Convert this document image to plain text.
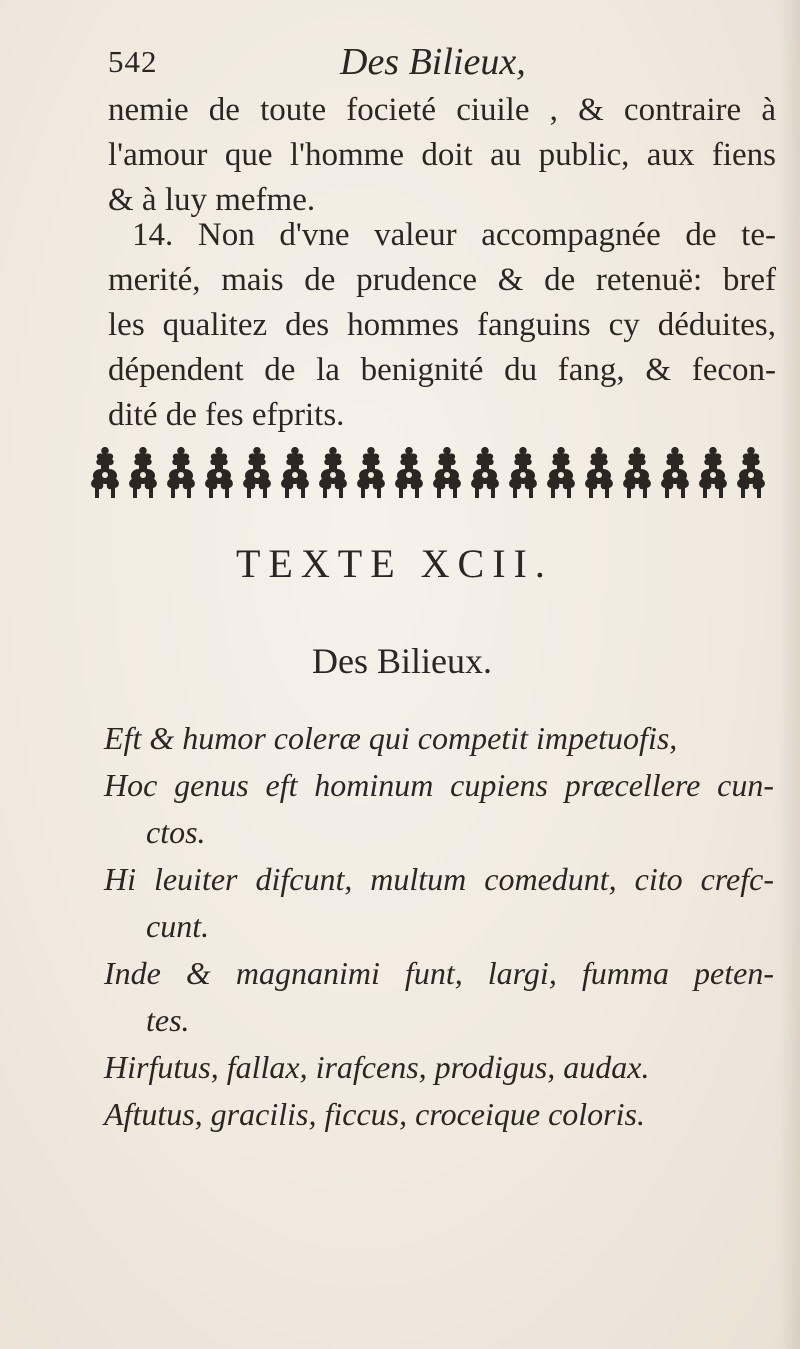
542	Des Bilieux,

nemie de toute focieté ciuile , & contraire à
l'amour que l'homme doit au public, aux fiens
& à luy mefme.

14. Non d'vne valeur accompagnée de te-
merité, mais de prudence & de retenuë: bref
les qualitez des hommes fanguins cy déduites,
dépendent de la benignité du fang, & fecon-
dité de fes efprits.

TEXTE XCII.
Des Bilieux.

Eft & humor coleræ qui competit impetuofis,
Hoc genus eft hominum cupiens præcellere cun-
ctos.
Hi leuiter difcunt, multum comedunt, cito crefc-
cunt.
Inde & magnanimi funt, largi, fumma peten-
tes.
Hirfutus, fallax, irafcens, prodigus, audax.
Aftutus, gracilis, ficcus, croceique coloris.
